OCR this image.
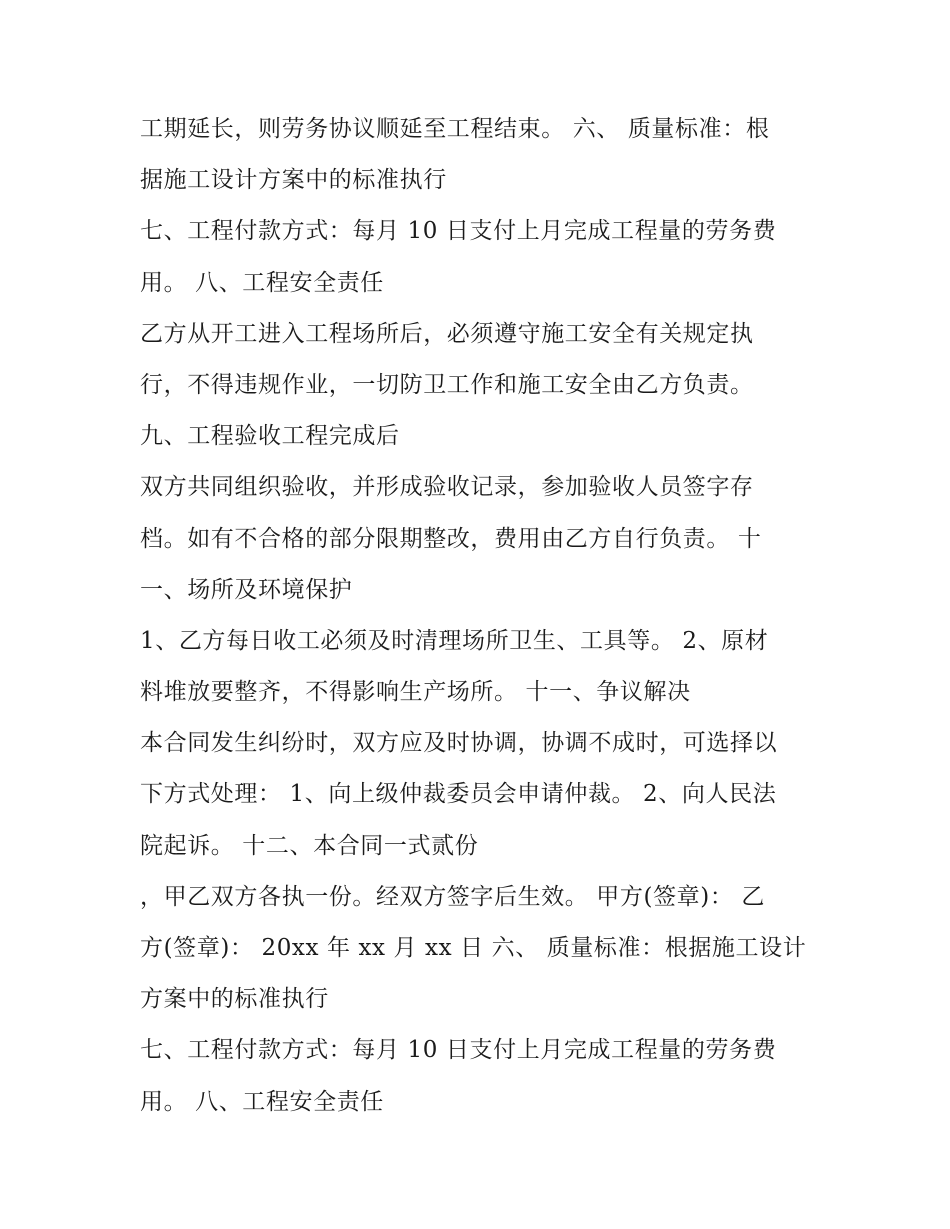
工期延长，则劳务协议顺延至工程结束。 六、 质量标准：根
据施工设计方案中的标准执行
七、工程付款方式：每月 10 日支付上月完成工程量的劳务费
用。 八、工程安全责任
乙方从开工进入工程场所后，必须遵守施工安全有关规定执
行，不得违规作业，一切防卫工作和施工安全由乙方负责。
九、工程验收工程完成后
双方共同组织验收，并形成验收记录，参加验收人员签字存
档。如有不合格的部分限期整改，费用由乙方自行负责。 十
一、场所及环境保护
1、乙方每日收工必须及时清理场所卫生、工具等。 2、原材
料堆放要整齐，不得影响生产场所。 十一、争议解决
本合同发生纠纷时，双方应及时协调，协调不成时，可选择以
下方式处理： 1、向上级仲裁委员会申请仲裁。 2、向人民法
院起诉。 十二、本合同一式贰份
，甲乙双方各执一份。经双方签字后生效。 甲方(签章)： 乙
方(签章)： 20xx 年 xx 月 xx 日 六、 质量标准：根据施工设计
方案中的标准执行
七、工程付款方式：每月 10 日支付上月完成工程量的劳务费
用。 八、工程安全责任
